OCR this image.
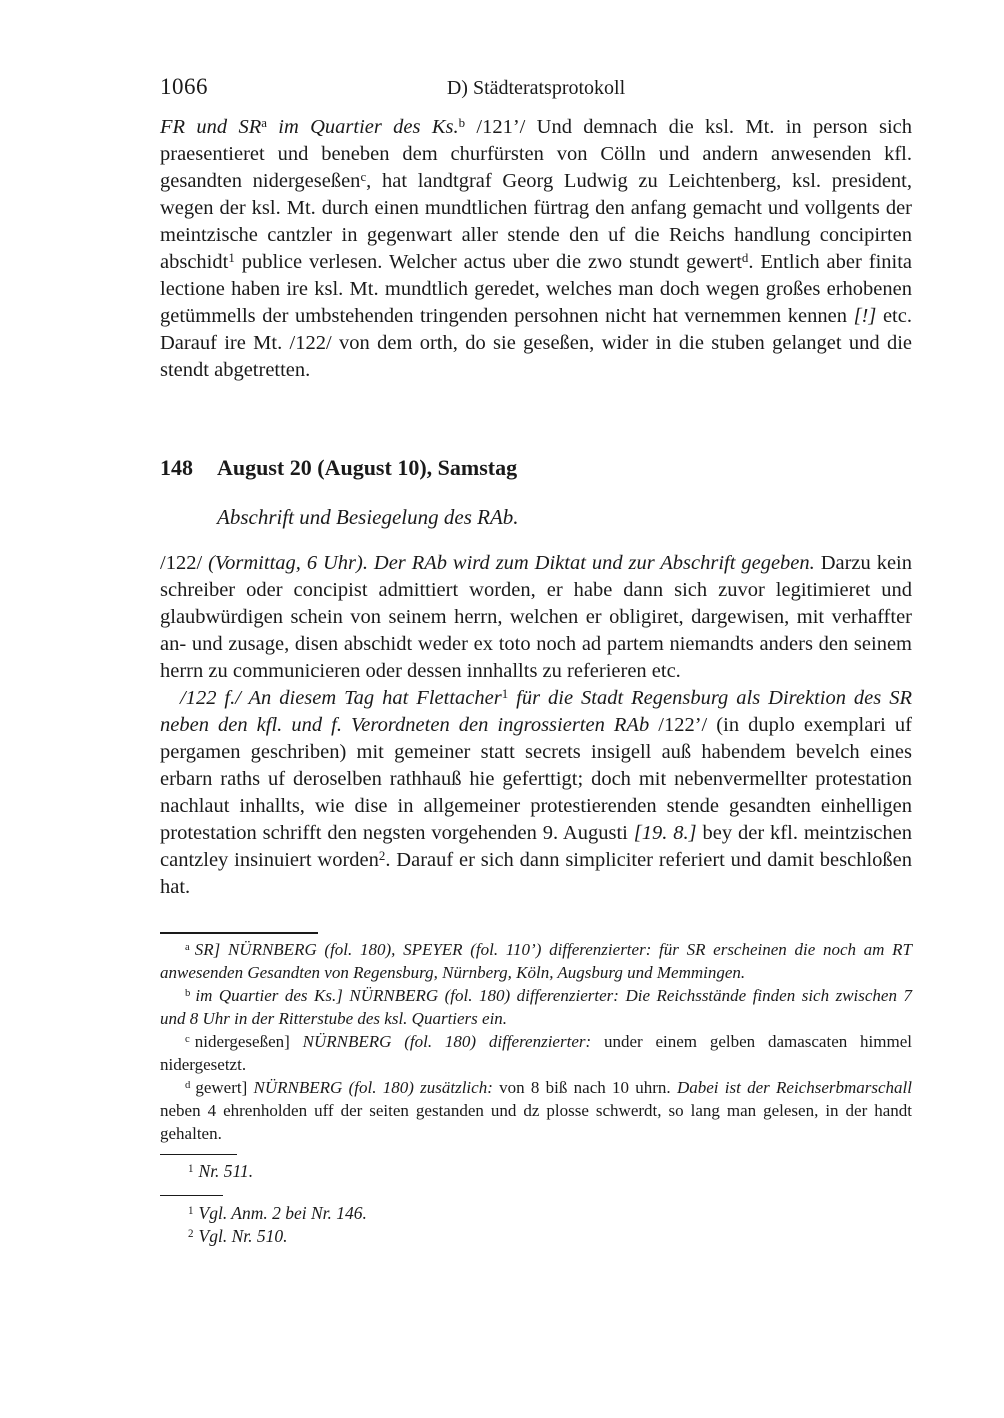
1066	D) Städteratsprotokoll

FR und $SR^a$ im Quartier des Ks.$^b$ /121’/ Und demnach die ksl. Mt. in person sich praesentieret und beneben dem churfürsten von Cölln und andern anwesenden kfl. gesandten nidergeseßen$^c$, hat landtgraf Georg Ludwig zu Leichtenberg, ksl. president, wegen der ksl. Mt. durch einen mundtlichen fürtrag den anfang gemacht und vollgents der meintzische cantzler in gegenwart aller stende den uf die Reichs handlung concipirten abschidt$^1$ publice verlesen. Welcher actus uber die zwo stundt gewert$^d$. Entlich aber finita lectione haben ire ksl. Mt. mundtlich geredet, welches man doch wegen großes erhobenen getümmells der umbstehenden tringenden persohnen nicht hat vernemmen kennen [!] etc. Darauf ire Mt. /122/ von dem orth, do sie geseßen, wider in die stuben gelanget und die stendt abgetretten.

148 August 20 (August 10), Samstag
Abschrift und Besiegelung des RAb.

/122/ (Vormittag, 6 Uhr). Der RAb wird zum Diktat und zur Abschrift gegeben. Darzu kein schreiber oder concipist admittiert worden, er habe dann sich zuvor legitimieret und glaubwürdigen schein von seinem herrn, welchen er obligiret, dargewisen, mit verhaffter an- und zusage, disen abschidt weder ex toto noch ad partem niemandts anders den seinem herrn zu communicieren oder dessen innhallts zu referieren etc.

/122 f./ An diesem Tag hat Flettacher$^1$ für die Stadt Regensburg als Direktion des SR neben den kfl. und f. Verordneten den ingrossierten RAb /122’/ (in duplo exemplari uf pergamen geschriben) mit gemeiner statt secrets insigell auß habendem bevelch eines erbarn raths uf deroselben rathhauß hie geferttigt; doch mit nebenvermellter protestation nachlaut inhallts, wie dise in allgemeiner protestierenden stende gesandten einhelligen protestation schrifft den negsten vorgehenden 9. Augusti [19. 8.] bey der kfl. meintzischen cantzley insinuiert worden$^2$. Darauf er sich dann simpliciter referiert und damit beschloßen hat.

$^a$ SR] NÜRNBERG (fol. 180), SPEYER (fol. 110’) differenzierter: für SR erscheinen die noch am RT anwesenden Gesandten von Regensburg, Nürnberg, Köln, Augsburg und Memmingen.

$^b$ im Quartier des Ks.] NÜRNBERG (fol. 180) differenzierter: Die Reichsstände finden sich zwischen 7 und 8 Uhr in der Ritterstube des ksl. Quartiers ein.

$^c$ nidergeseßen] NÜRNBERG (fol. 180) differenzierter: under einem gelben damascaten himmel nidergesetzt.

$^d$ gewert] NÜRNBERG (fol. 180) zusätzlich: von 8 biß nach 10 uhrn. Dabei ist der Reichserbmarschall neben 4 ehrenholden uff der seiten gestanden und dz plosse schwerdt, so lang man gelesen, in der handt gehalten.

$^1$ Nr. 511.

$^1$ Vgl. Anm. 2 bei Nr. 146.

$^2$ Vgl. Nr. 510.
